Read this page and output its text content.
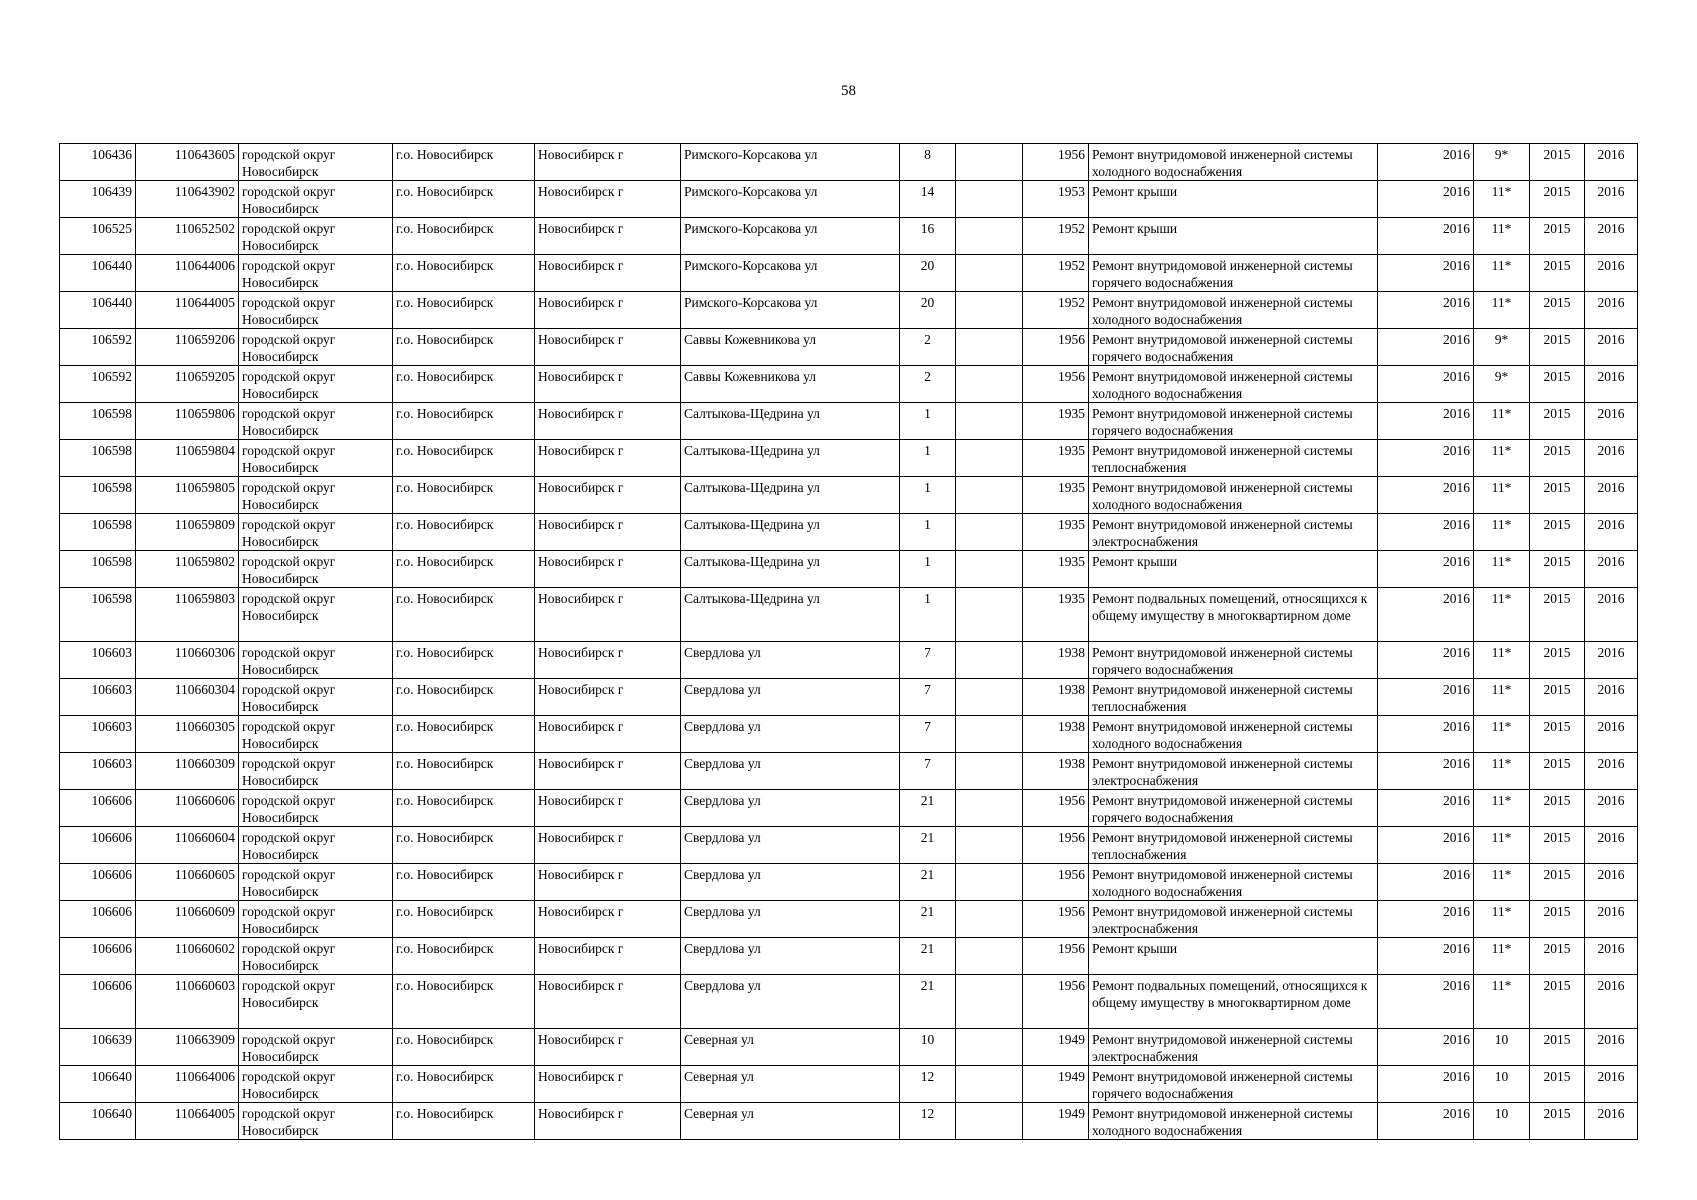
58
106436	110643605	городской округ Новосибирск	г.о. Новосибирск	Новосибирск г	Римского-Корсакова ул	8		1956	Ремонт внутридомовой инженерной системы холодного водоснабжения	2016	9*	2015	2016
106439	110643902	городской округ Новосибирск	г.о. Новосибирск	Новосибирск г	Римского-Корсакова ул	14		1953	Ремонт крыши	2016	11*	2015	2016
106525	110652502	городской округ Новосибирск	г.о. Новосибирск	Новосибирск г	Римского-Корсакова ул	16		1952	Ремонт крыши	2016	11*	2015	2016
106440	110644006	городской округ Новосибирск	г.о. Новосибирск	Новосибирск г	Римского-Корсакова ул	20		1952	Ремонт внутридомовой инженерной системы горячего водоснабжения	2016	11*	2015	2016
106440	110644005	городской округ Новосибирск	г.о. Новосибирск	Новосибирск г	Римского-Корсакова ул	20		1952	Ремонт внутридомовой инженерной системы холодного водоснабжения	2016	11*	2015	2016
106592	110659206	городской округ Новосибирск	г.о. Новосибирск	Новосибирск г	Саввы Кожевникова ул	2		1956	Ремонт внутридомовой инженерной системы горячего водоснабжения	2016	9*	2015	2016
106592	110659205	городской округ Новосибирск	г.о. Новосибирск	Новосибирск г	Саввы Кожевникова ул	2		1956	Ремонт внутридомовой инженерной системы холодного водоснабжения	2016	9*	2015	2016
106598	110659806	городской округ Новосибирск	г.о. Новосибирск	Новосибирск г	Салтыкова-Щедрина ул	1		1935	Ремонт внутридомовой инженерной системы горячего водоснабжения	2016	11*	2015	2016
106598	110659804	городской округ Новосибирск	г.о. Новосибирск	Новосибирск г	Салтыкова-Щедрина ул	1		1935	Ремонт внутридомовой инженерной системы теплоснабжения	2016	11*	2015	2016
106598	110659805	городской округ Новосибирск	г.о. Новосибирск	Новосибирск г	Салтыкова-Щедрина ул	1		1935	Ремонт внутридомовой инженерной системы холодного водоснабжения	2016	11*	2015	2016
106598	110659809	городской округ Новосибирск	г.о. Новосибирск	Новосибирск г	Салтыкова-Щедрина ул	1		1935	Ремонт внутридомовой инженерной системы электроснабжения	2016	11*	2015	2016
106598	110659802	городской округ Новосибирск	г.о. Новосибирск	Новосибирск г	Салтыкова-Щедрина ул	1		1935	Ремонт крыши	2016	11*	2015	2016
106598	110659803	городской округ Новосибирск	г.о. Новосибирск	Новосибирск г	Салтыкова-Щедрина ул	1		1935	Ремонт подвальных помещений, относящихся к общему имуществу в многоквартирном доме	2016	11*	2015	2016
106603	110660306	городской округ Новосибирск	г.о. Новосибирск	Новосибирск г	Свердлова ул	7		1938	Ремонт внутридомовой инженерной системы горячего водоснабжения	2016	11*	2015	2016
106603	110660304	городской округ Новосибирск	г.о. Новосибирск	Новосибирск г	Свердлова ул	7		1938	Ремонт внутридомовой инженерной системы теплоснабжения	2016	11*	2015	2016
106603	110660305	городской округ Новосибирск	г.о. Новосибирск	Новосибирск г	Свердлова ул	7		1938	Ремонт внутридомовой инженерной системы холодного водоснабжения	2016	11*	2015	2016
106603	110660309	городской округ Новосибирск	г.о. Новосибирск	Новосибирск г	Свердлова ул	7		1938	Ремонт внутридомовой инженерной системы электроснабжения	2016	11*	2015	2016
106606	110660606	городской округ Новосибирск	г.о. Новосибирск	Новосибирск г	Свердлова ул	21		1956	Ремонт внутридомовой инженерной системы горячего водоснабжения	2016	11*	2015	2016
106606	110660604	городской округ Новосибирск	г.о. Новосибирск	Новосибирск г	Свердлова ул	21		1956	Ремонт внутридомовой инженерной системы теплоснабжения	2016	11*	2015	2016
106606	110660605	городской округ Новосибирск	г.о. Новосибирск	Новосибирск г	Свердлова ул	21		1956	Ремонт внутридомовой инженерной системы холодного водоснабжения	2016	11*	2015	2016
106606	110660609	городской округ Новосибирск	г.о. Новосибирск	Новосибирск г	Свердлова ул	21		1956	Ремонт внутридомовой инженерной системы электроснабжения	2016	11*	2015	2016
106606	110660602	городской округ Новосибирск	г.о. Новосибирск	Новосибирск г	Свердлова ул	21		1956	Ремонт крыши	2016	11*	2015	2016
106606	110660603	городской округ Новосибирск	г.о. Новосибирск	Новосибирск г	Свердлова ул	21		1956	Ремонт подвальных помещений, относящихся к общему имуществу в многоквартирном доме	2016	11*	2015	2016
106639	110663909	городской округ Новосибирск	г.о. Новосибирск	Новосибирск г	Северная ул	10		1949	Ремонт внутридомовой инженерной системы электроснабжения	2016	10	2015	2016
106640	110664006	городской округ Новосибирск	г.о. Новосибирск	Новосибирск г	Северная ул	12		1949	Ремонт внутридомовой инженерной системы горячего водоснабжения	2016	10	2015	2016
106640	110664005	городской округ Новосибирск	г.о. Новосибирск	Новосибирск г	Северная ул	12		1949	Ремонт внутридомовой инженерной системы холодного водоснабжения	2016	10	2015	2016
